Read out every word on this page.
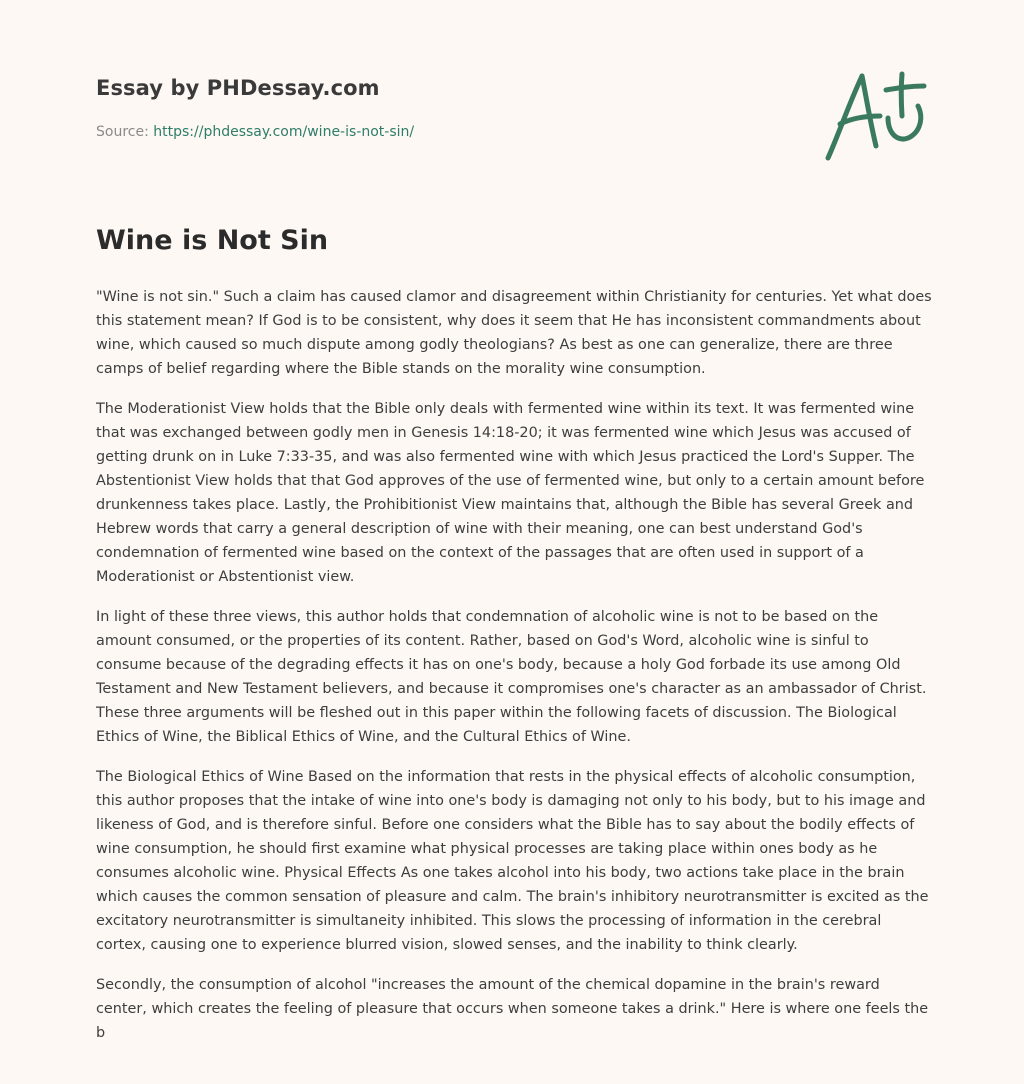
Essay by PHDessay.com
Source: https://phdessay.com/wine-is-not-sin/
Wine is Not Sin

"Wine is not sin." Such a claim has caused clamor and disagreement within Christianity for centuries. Yet what does this statement mean? If God is to be consistent, why does it seem that He has inconsistent commandments about wine, which caused so much dispute among godly theologians? As best as one can generalize, there are three camps of belief regarding where the Bible stands on the morality wine consumption.

The Moderationist View holds that the Bible only deals with fermented wine within its text. It was fermented wine that was exchanged between godly men in Genesis 14:18-20; it was fermented wine which Jesus was accused of getting drunk on in Luke 7:33-35, and was also fermented wine with which Jesus practiced the Lord's Supper. The Abstentionist View holds that that God approves of the use of fermented wine, but only to a certain amount before drunkenness takes place. Lastly, the Prohibitionist View maintains that, although the Bible has several Greek and Hebrew words that carry a general description of wine with their meaning, one can best understand God's condemnation of fermented wine based on the context of the passages that are often used in support of a Moderationist or Abstentionist view.

In light of these three views, this author holds that condemnation of alcoholic wine is not to be based on the amount consumed, or the properties of its content. Rather, based on God's Word, alcoholic wine is sinful to consume because of the degrading effects it has on one's body, because a holy God forbade its use among Old Testament and New Testament believers, and because it compromises one's character as an ambassador of Christ. These three arguments will be fleshed out in this paper within the following facets of discussion. The Biological Ethics of Wine, the Biblical Ethics of Wine, and the Cultural Ethics of Wine.

The Biological Ethics of Wine Based on the information that rests in the physical effects of alcoholic consumption, this author proposes that the intake of wine into one's body is damaging not only to his body, but to his image and likeness of God, and is therefore sinful. Before one considers what the Bible has to say about the bodily effects of wine consumption, he should first examine what physical processes are taking place within ones body as he consumes alcoholic wine. Physical Effects As one takes alcohol into his body, two actions take place in the brain which causes the common sensation of pleasure and calm. The brain's inhibitory neurotransmitter is excited as the excitatory neurotransmitter is simultaneity inhibited. This slows the processing of information in the cerebral cortex, causing one to experience blurred vision, slowed senses, and the inability to think clearly.

Secondly, the consumption of alcohol "increases the amount of the chemical dopamine in the brain's reward center, which creates the feeling of pleasure that occurs when someone takes a drink." Here is where one feels the b
